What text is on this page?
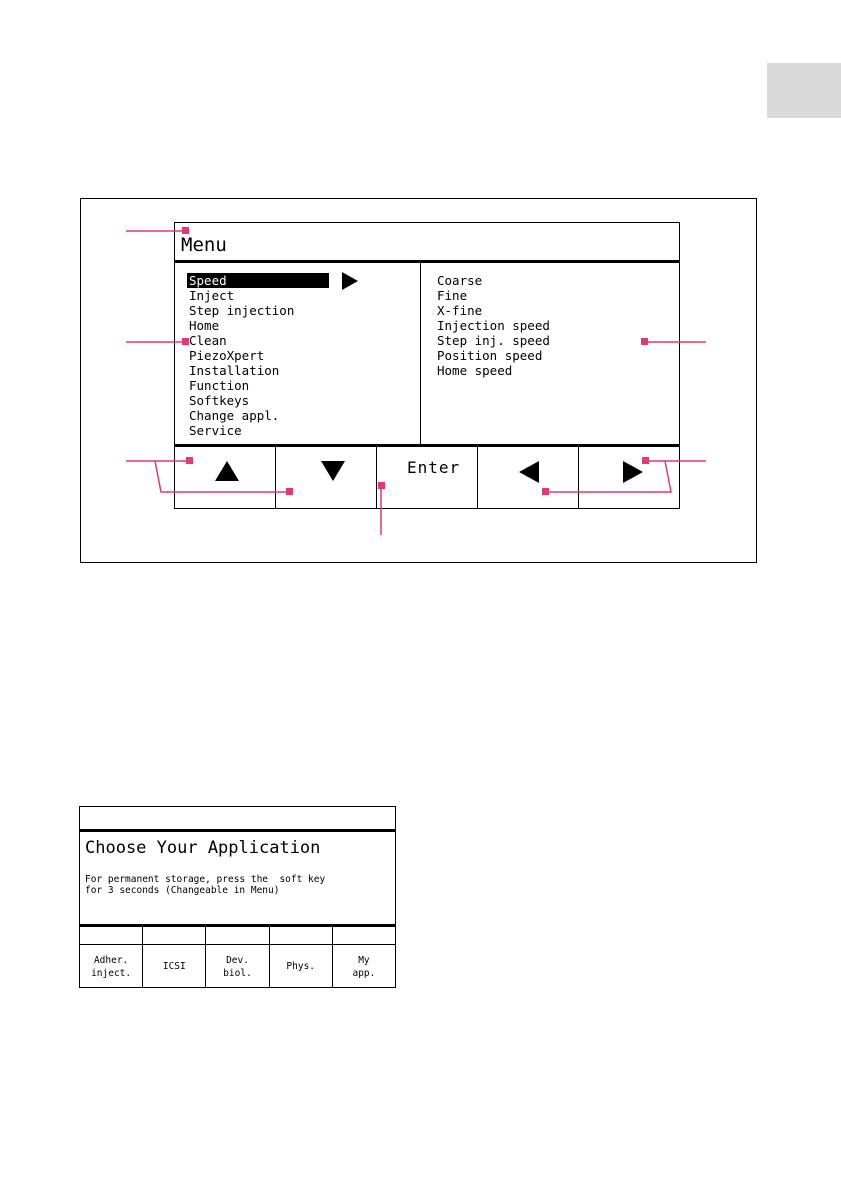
Menu
Speed
Inject
Step injection
Home
Clean
PiezoXpert
Installation
Function
Softkeys
Change appl.
Service
Coarse
Fine
X-fine
Injection speed
Step inj. speed
Position speed
Home speed
Enter
Choose Your Application
For permanent storage, press the  soft key
for 3 seconds (Changeable in Menu)
Adher.
inject.
ICSI
Dev.
biol.
Phys.
My
app.
